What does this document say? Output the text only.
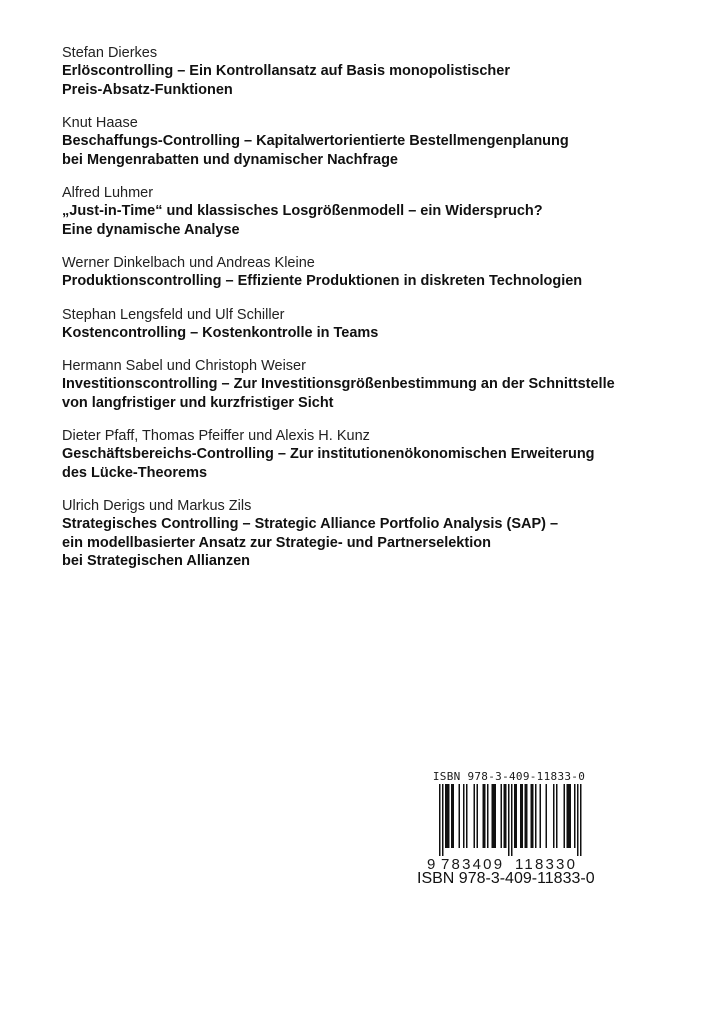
Stefan Dierkes
Erlöscontrolling – Ein Kontrollansatz auf Basis monopolistischer
Preis-Absatz-Funktionen
Knut Haase
Beschaffungs-Controlling – Kapitalwertorientierte Bestellmengenplanung
bei Mengenrabatten und dynamischer Nachfrage
Alfred Luhmer
„Just-in-Time“ und klassisches Losgrößenmodell – ein Widerspruch?
Eine dynamische Analyse
Werner Dinkelbach und Andreas Kleine
Produktionscontrolling – Effiziente Produktionen in diskreten Technologien
Stephan Lengsfeld und Ulf Schiller
Kostencontrolling – Kostenkontrolle in Teams
Hermann Sabel und Christoph Weiser
Investitionscontrolling – Zur Investitionsgrößenbestimmung an der Schnittstelle
von langfristiger und kurzfristiger Sicht
Dieter Pfaff, Thomas Pfeiffer und Alexis H. Kunz
Geschäftsbereichs-Controlling – Zur institutionenökonomischen Erweiterung
des Lücke-Theorems
Ulrich Derigs und Markus Zils
Strategisches Controlling – Strategic Alliance Portfolio Analysis (SAP) –
ein modellbasierter Ansatz zur Strategie- und Partnerselektion
bei Strategischen Allianzen
ISBN 978-3-409-11833-0
9 783409 118330
ISBN 978-3-409-11833-0
